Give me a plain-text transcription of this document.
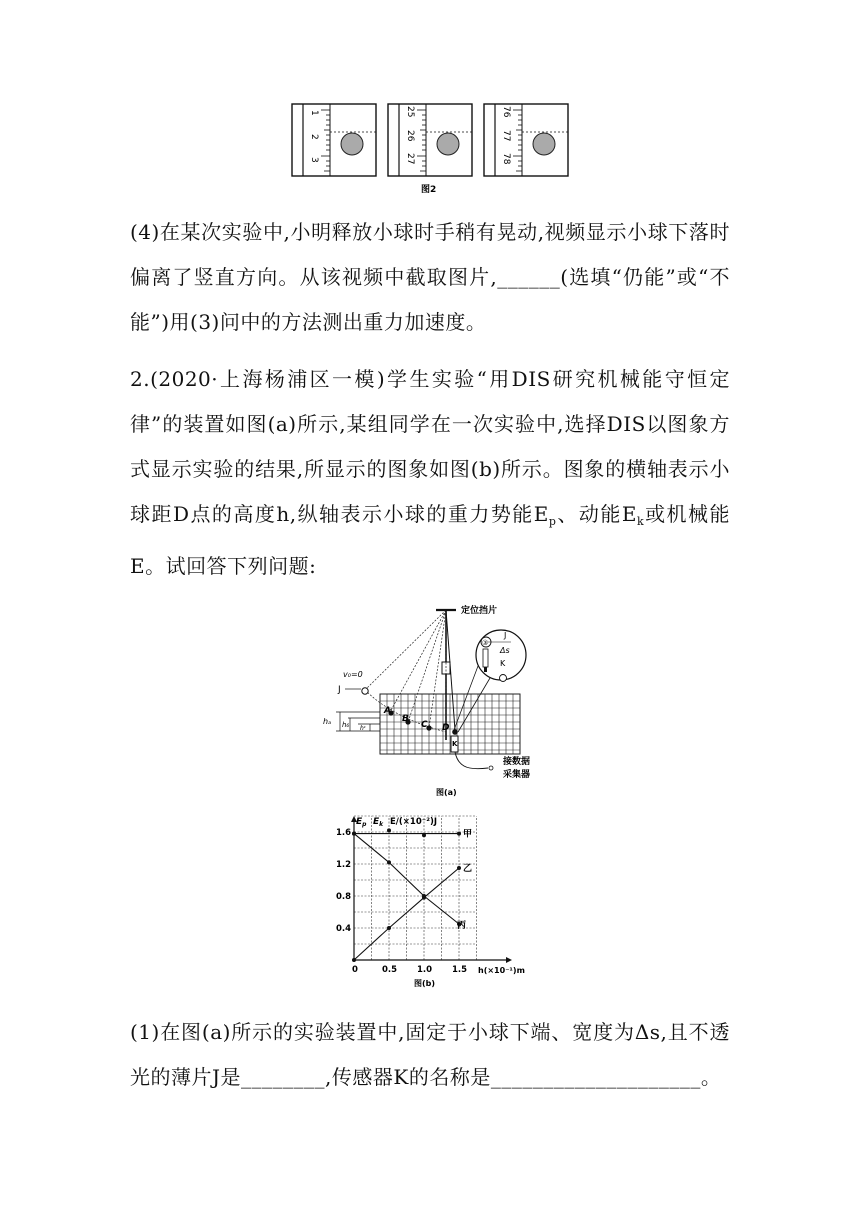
1
2
3
25
26
27
76
77
78
图2

(4)在某次实验中,小明释放小球时手稍有晃动,视频显示小球下落时偏离了竖直方向。从该视频中截取图片,______(选填“仍能”或“不能”)用(3)问中的方法测出重力加速度。

2.(2020·上海杨浦区一模)学生实验“用DIS研究机械能守恒定律”的装置如图(a)所示,某组同学在一次实验中,选择DIS以图象方式显示实验的结果,所显示的图象如图(b)所示。图象的横轴表示小球距D点的高度h,纵轴表示小球的重力势能$E_p$、动能$E_k$或机械能E。试回答下列问题:

A
B
C D
v₀=0
J
hₐ h₆ hᶜ
K
③
J
Δs
K
定位挡片
接数据
采集器
图(a)
甲
乙
丙
0	0.5 1.0 1.5
0.4
0.8
1.2
1.6
$E_p$ $E_k$ E/(×10⁻²)J
h(×10⁻¹)m
图(b)

(1)在图(a)所示的实验装置中,固定于小球下端、宽度为Δs,且不透光的薄片J是________,传感器K的名称是____________________。
